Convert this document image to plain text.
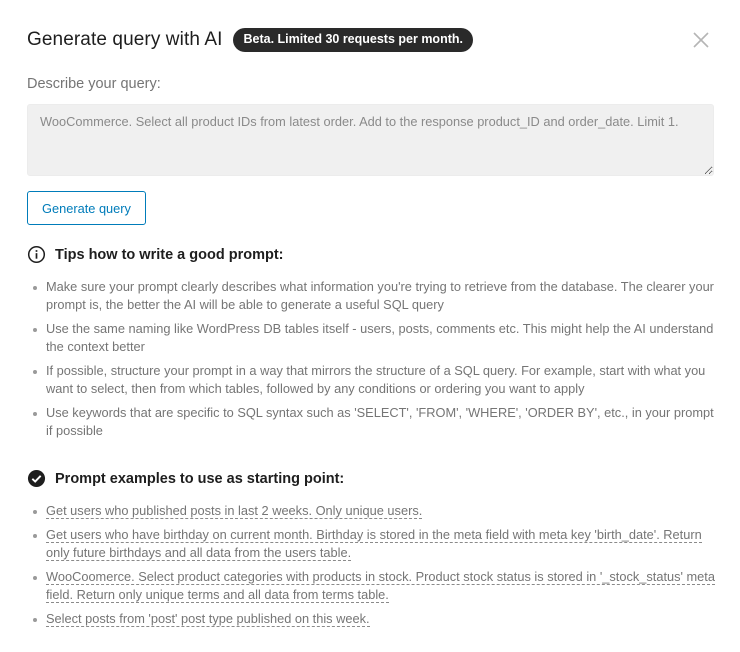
Generate query with AI	Beta. Limited 30 requests per month.
Describe your query:
WooCommerce. Select all product IDs from latest order. Add to the response product_ID and order_date. Limit 1.
Generate query
Tips how to write a good prompt:
Make sure your prompt clearly describes what information you're trying to retrieve from the database. The clearer your prompt is, the better the AI will be able to generate a useful SQL query
Use the same naming like WordPress DB tables itself - users, posts, comments etc. This might help the AI understand the context better
If possible, structure your prompt in a way that mirrors the structure of a SQL query. For example, start with what you want to select, then from which tables, followed by any conditions or ordering you want to apply
Use keywords that are specific to SQL syntax such as 'SELECT', 'FROM', 'WHERE', 'ORDER BY', etc., in your prompt if possible
Prompt examples to use as starting point:
Get users who published posts in last 2 weeks. Only unique users.
Get users who have birthday on current month. Birthday is stored in the meta field with meta key 'birth_date'. Return only future birthdays and all data from the users table.
WooCoomerce. Select product categories with products in stock. Product stock status is stored in '_stock_status' meta field. Return only unique terms and all data from terms table.
Select posts from 'post' post type published on this week.
